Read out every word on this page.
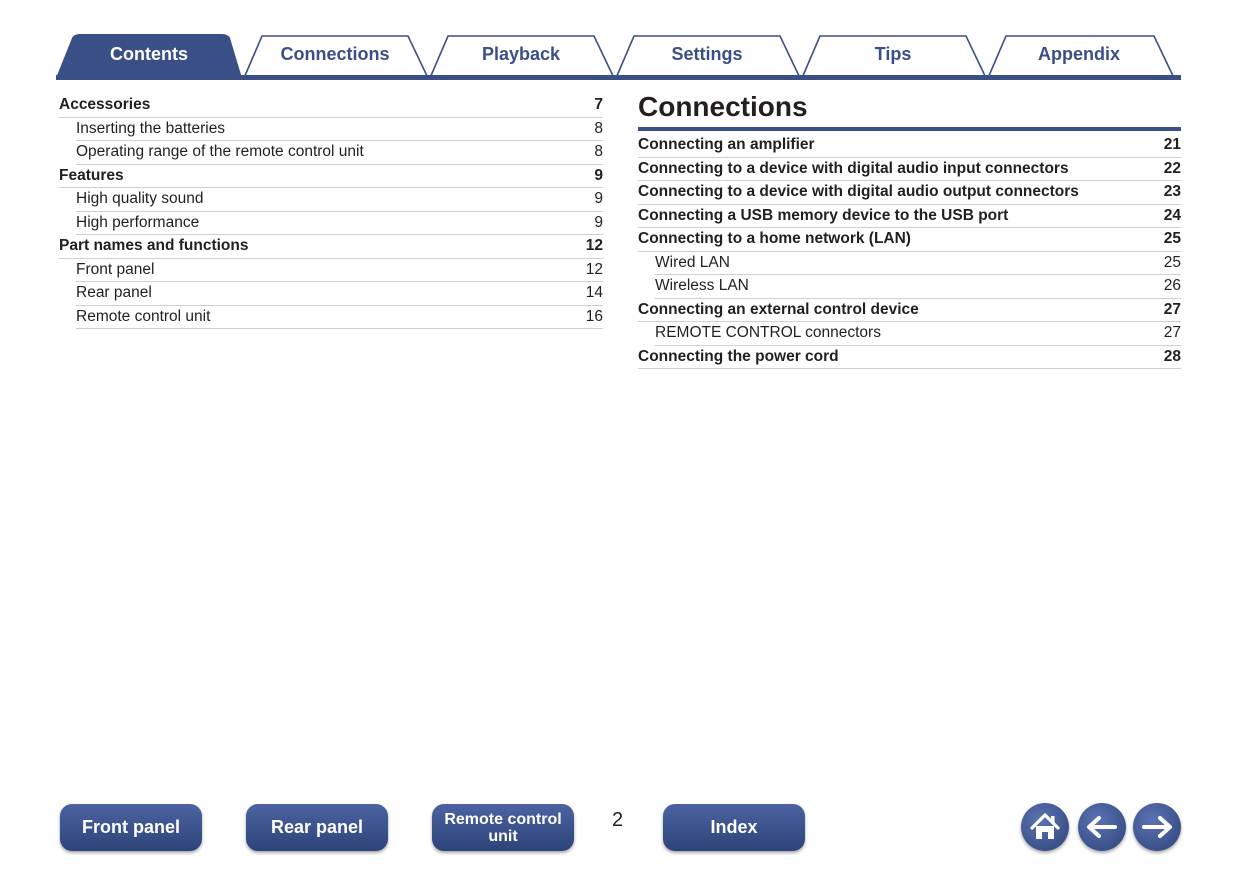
Contents	Connections	Playback	Settings	Tips	Appendix
Accessories	7
Inserting the batteries	8
Operating range of the remote control unit	8
Features	9
High quality sound	9
High performance	9
Part names and functions	12
Front panel	12
Rear panel	14
Remote control unit	16
Connections
Connecting an amplifier	21
Connecting to a device with digital audio input connectors	22
Connecting to a device with digital audio output connectors	23
Connecting a USB memory device to the USB port	24
Connecting to a home network (LAN)	25
Wired LAN	25
Wireless LAN	26
Connecting an external control device	27
REMOTE CONTROL connectors	27
Connecting the power cord	28
Front panel	Rear panel	Remote control
unit
2	Index
